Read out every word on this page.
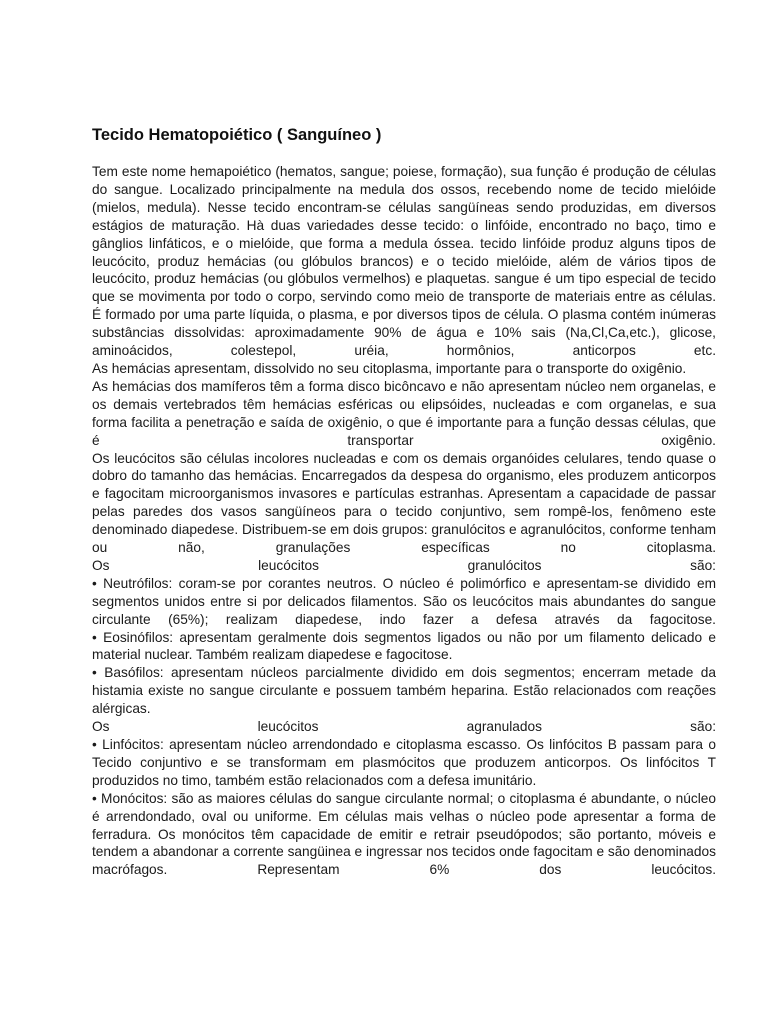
Tecido Hematopoiético ( Sanguíneo )

Tem este nome hemapoiético (hematos, sangue; poiese, formação), sua função é produção de células do sangue. Localizado principalmente na medula dos ossos, recebendo nome de tecido mielóide (mielos, medula). Nesse tecido encontram-se células sangüíneas sendo produzidas, em diversos estágios de maturação. Hà duas variedades desse tecido: o linfóide, encontrado no baço, timo e gânglios linfáticos, e o mielóide, que forma a medula óssea. tecido linfóide produz alguns tipos de leucócito, produz hemácias (ou glóbulos brancos) e o tecido mielóide, além de vários tipos de leucócito, produz hemácias (ou glóbulos vermelhos) e plaquetas. sangue é um tipo especial de tecido que se movimenta por todo o corpo, servindo como meio de transporte de materiais entre as células. É formado por uma parte líquida, o plasma, e por diversos tipos de célula. O plasma contém inúmeras substâncias dissolvidas: aproximadamente 90% de água e 10% sais (Na,Cl,Ca,etc.), glicose, aminoácidos, colestepol, uréia, hormônios, anticorpos etc.

As hemácias apresentam, dissolvido no seu citoplasma, importante para o transporte do oxigênio.

As hemácias dos mamíferos têm a forma disco bicôncavo e não apresentam núcleo nem organelas, e os demais vertebrados têm hemácias esféricas ou elipsóides, nucleadas e com organelas, e sua forma facilita a penetração e saída de oxigênio, o que é importante para a função dessas células, que é transportar oxigênio.

Os leucócitos são células incolores nucleadas e com os demais organóides celulares, tendo quase o dobro do tamanho das hemácias. Encarregados da despesa do organismo, eles produzem anticorpos e fagocitam microorganismos invasores e partículas estranhas. Apresentam a capacidade de passar pelas paredes dos vasos sangüíneos para o tecido conjuntivo, sem rompê-los, fenômeno este denominado diapedese. Distribuem-se em dois grupos: granulócitos e agranulócitos, conforme tenham ou não, granulações específicas no citoplasma.

Os leucócitos granulócitos são:

• Neutrófilos: coram-se por corantes neutros. O núcleo é polimórfico e apresentam-se dividido em segmentos unidos entre si por delicados filamentos. São os leucócitos mais abundantes do sangue circulante (65%); realizam diapedese, indo fazer a defesa através da fagocitose.

• Eosinófilos: apresentam geralmente dois segmentos ligados ou não por um filamento delicado e material nuclear. Também realizam diapedese e fagocitose.

• Basófilos: apresentam núcleos parcialmente dividido em dois segmentos; encerram metade da histamia existe no sangue circulante e possuem também heparina. Estão relacionados com reações alérgicas.

Os leucócitos agranulados são:

• Linfócitos: apresentam núcleo arrendondado e citoplasma escasso. Os linfócitos B passam para o Tecido conjuntivo e se transformam em plasmócitos que produzem anticorpos. Os linfócitos T produzidos no timo, também estão relacionados com a defesa imunitário.

• Monócitos: são as maiores células do sangue circulante normal; o citoplasma é abundante, o núcleo é arrendondado, oval ou uniforme. Em células mais velhas o núcleo pode apresentar a forma de ferradura. Os monócitos têm capacidade de emitir e retrair pseudópodos; são portanto, móveis e tendem a abandonar a corrente sangüinea e ingressar nos tecidos onde fagocitam e são denominados macrófagos. Representam 6% dos leucócitos.
